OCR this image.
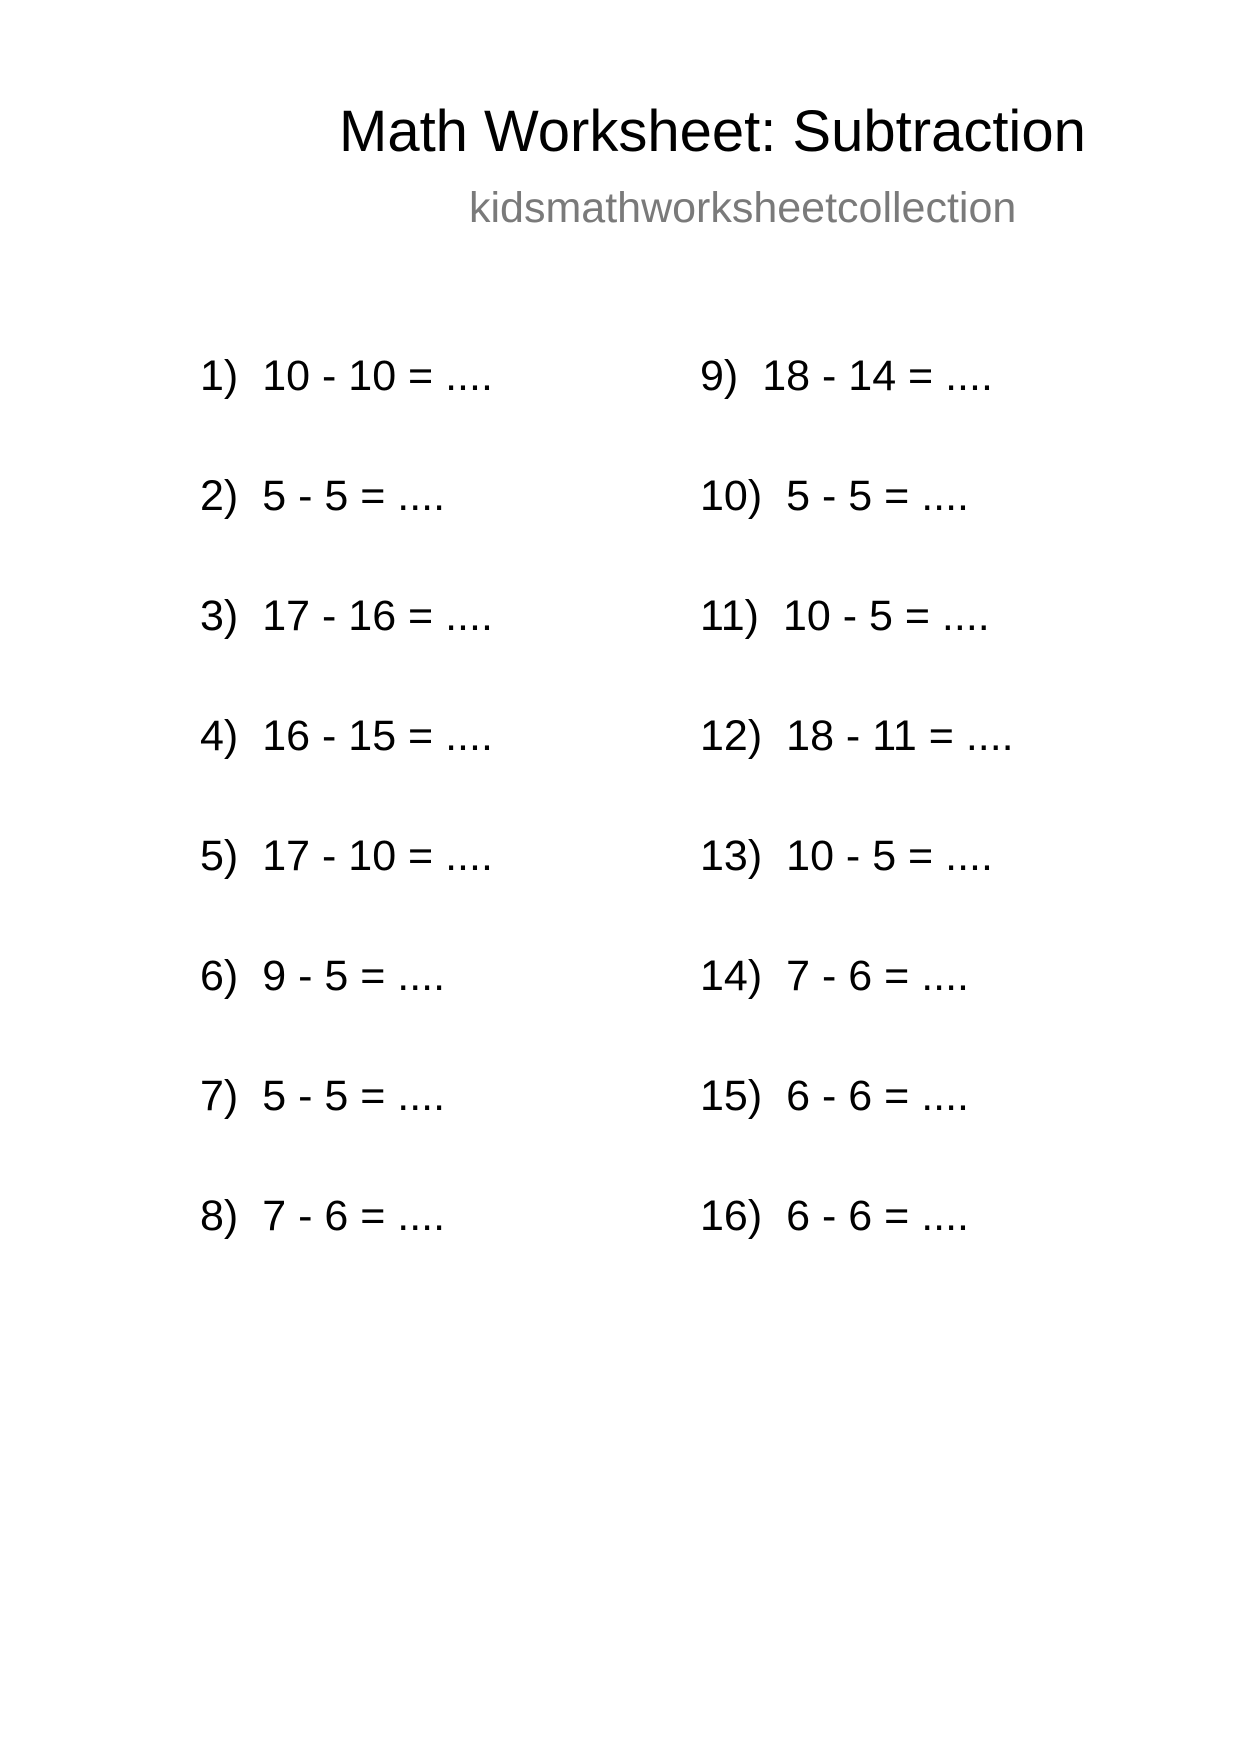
Math Worksheet: Subtraction
kidsmathworksheetcollection
1) 10 - 10 = ....
2) 5 - 5 = ....
3) 17 - 16 = ....
4) 16 - 15 = ....
5) 17 - 10 = ....
6) 9 - 5 = ....
7) 5 - 5 = ....
8) 7 - 6 = ....
9) 18 - 14 = ....
10) 5 - 5 = ....
11) 10 - 5 = ....
12) 18 - 11 = ....
13) 10 - 5 = ....
14) 7 - 6 = ....
15) 6 - 6 = ....
16) 6 - 6 = ....
